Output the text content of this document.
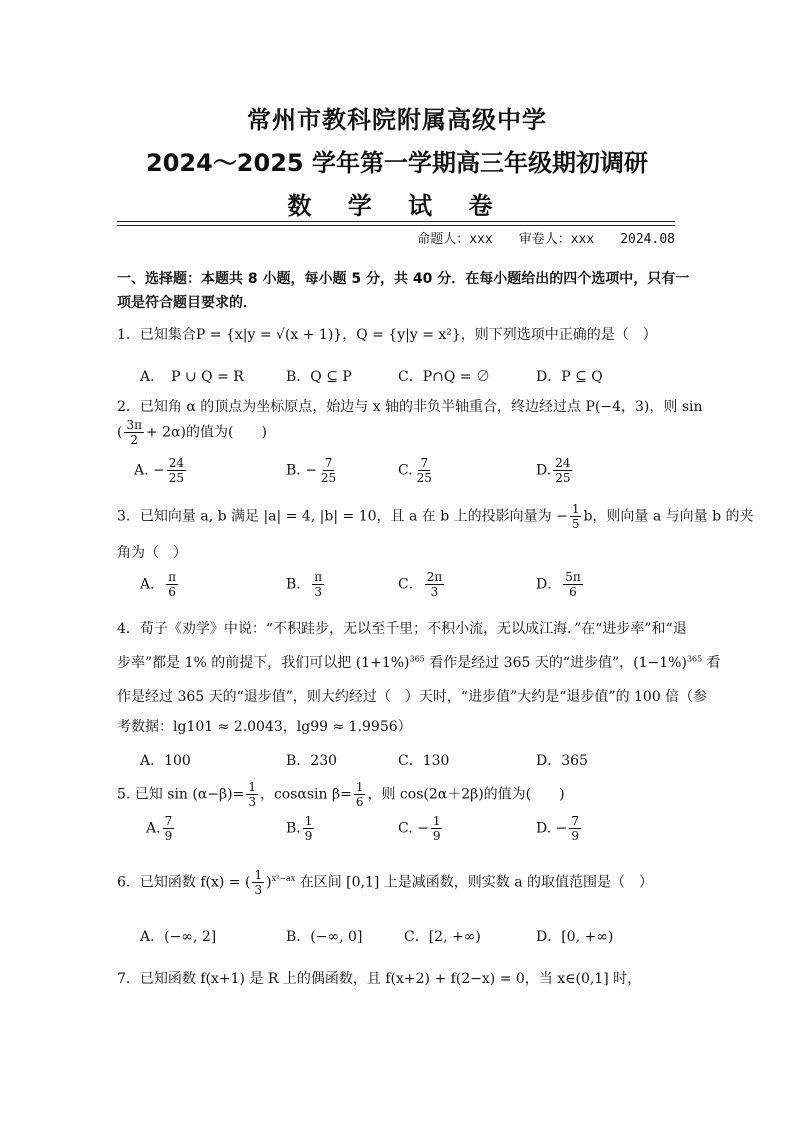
常州市教科院附属高级中学
2024～2025 学年第一学期高三年级期初调研
数 学 试 卷
命题人：xxx 审卷人：xxx 2024.08
一、选择题：本题共 8 小题，每小题 5 分，共 40 分．在每小题给出的四个选项中，只有一
项是符合题目要求的．
1．已知集合P = {x|y = √(x + 1)}，Q = {y|y = x²}，则下列选项中正确的是（　）
A．　P ∪ Q = R	B．Q ⊆ P	C．P∩Q = ∅	D．P ⊆ Q
2．已知角 α 的顶点为坐标原点，始边与 x 轴的非负半轴重合，终边经过点 P(−4，3)，则 sin
( $\frac{3\pi}{2} + 2\alpha$)的值为(　　)
A. − $\frac{24}{25}$	B. − $\frac{7}{25}$	C. $\frac{7}{25}$	D. $\frac{24}{25}$
3．已知向量 a, b 满足 |a| = 4, |b| = 10，且 a 在 b 上的投影向量为 − $\frac{1}{5}$ b，则向量 a 与向量 b 的夹
角为（　）
A． $\frac{\pi}{6}$	B． $\frac{\pi}{3}$	C． $\frac{2\pi}{3}$	D． $\frac{5\pi}{6}$
4．荀子《劝学》中说：“不积跬步，无以至千里；不积小流，无以成江海．”在“进步率”和“退
步率”都是 1% 的前提下，我们可以把 $(1+1\%)^{365}$ 看作是经过 365 天的“进步值”，$(1-1\%)^{365}$ 看
作是经过 365 天的“退步值”，则大约经过（　）天时，“进步值”大约是“退步值”的 100 倍（参
考数据：lg101 ≈ 2.0043，lg99 ≈ 1.9956）
A．100	B．230	C．130	D．365
5. 已知 $\sin (\alpha-\beta)= \frac{1}{3}$ ，cosαsin $\beta= \frac{1}{6}$ ，则 cos(2α＋2β)的值为(　　)
A. $\frac{7}{9}$	B. $\frac{1}{9}$	C. − $\frac{1}{9}$	D. − $\frac{7}{9}$
6．已知函数 f(x) = ( $\frac{1}{3} )^{x^2-ax}$ 在区间 [0,1] 上是减函数，则实数 a 的取值范围是（　）
A．(−∞, 2]	B．(−∞, 0]	C．[2, +∞)	D．[0, +∞)
7．已知函数 f(x+1) 是 R 上的偶函数，且 f(x+2) + f(2−x) = 0，当 x∈(0,1] 时，
